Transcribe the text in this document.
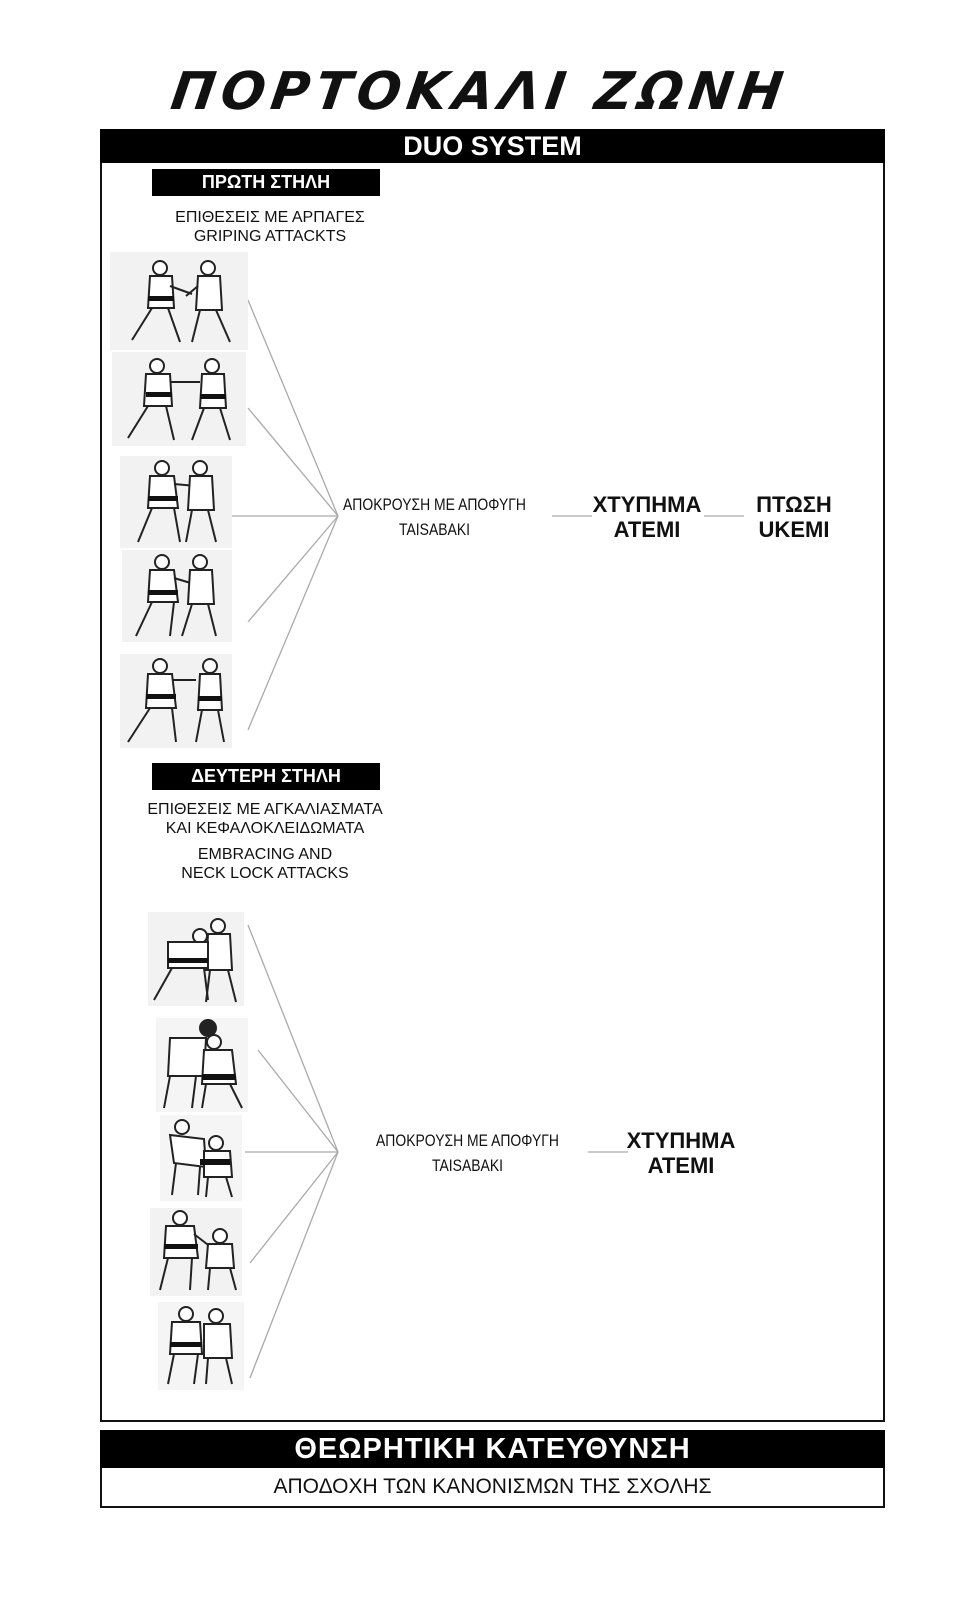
ΠΟΡΤΟΚΑΛΙ ΖΩΝΗ
DUO SYSTEM
ΠΡΩΤΗ ΣΤΗΛΗ
ΕΠΙΘΕΣΕΙΣ ΜΕ ΑΡΠΑΓΕΣ
GRIPING ATTACKTS
ΑΠΟΚΡΟΥΣΗ ΜΕ ΑΠΟΦΥΓΗ
TAISABAKI
ΧΤΥΠΗΜΑ
ATEMI
ΠΤΩΣΗ
UKEMI
ΔΕΥΤΕΡΗ ΣΤΗΛΗ
ΕΠΙΘΕΣΕΙΣ ΜΕ ΑΓΚΑΛΙΑΣΜΑΤΑ
ΚΑΙ ΚΕΦΑΛΟΚΛΕΙΔΩΜΑΤΑ
EMBRACING AND
NECK LOCK ATTACKS
ΑΠΟΚΡΟΥΣΗ ΜΕ ΑΠΟΦΥΓΗ
TAISABAKI
ΧΤΥΠΗΜΑ
ATEMI
ΘΕΩΡΗΤΙΚΗ ΚΑΤΕΥΘΥΝΣΗ
ΑΠΟΔΟΧΗ ΤΩΝ ΚΑΝΟΝΙΣΜΩΝ ΤΗΣ ΣΧΟΛΗΣ
